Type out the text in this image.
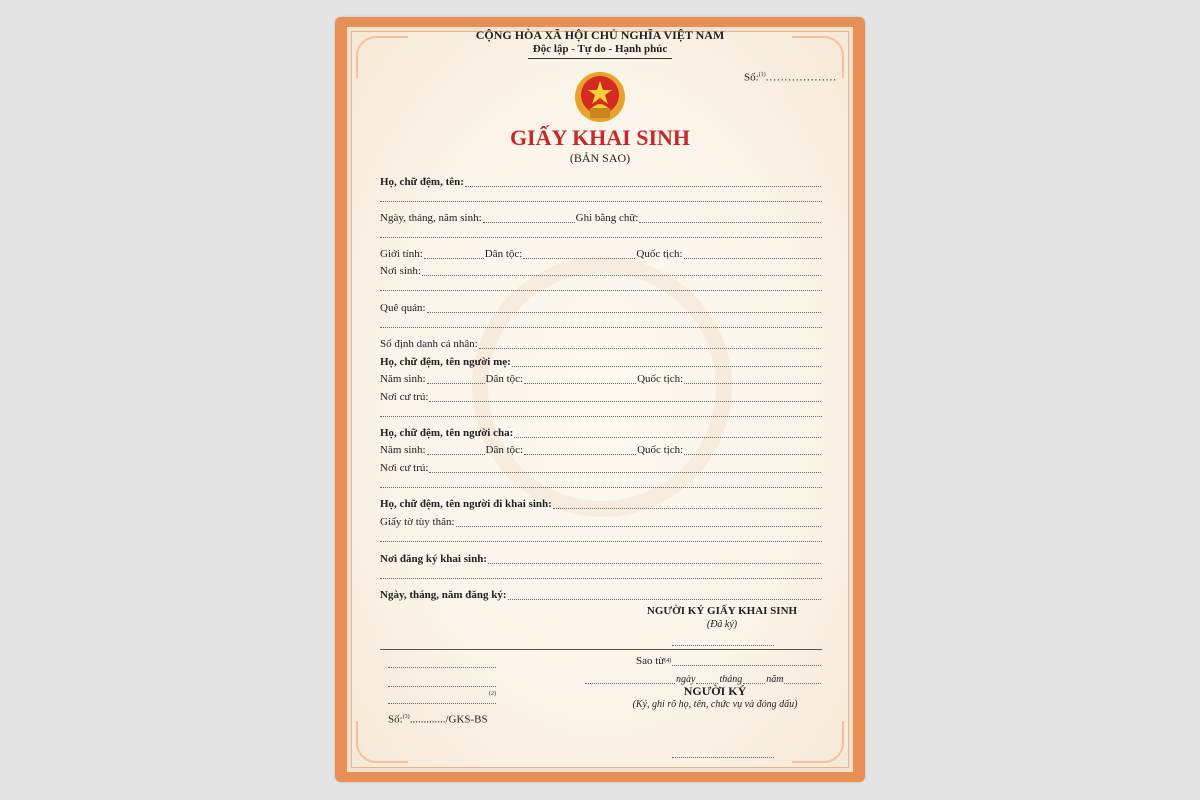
CỘNG HÒA XÃ HỘI CHỦ NGHĨA VIỆT NAM
Độc lập - Tự do - Hạnh phúc
Số:$^{(1)}$...................
GIẤY KHAI SINH
(BẢN SAO)
Họ, chữ đệm, tên:
Ngày, tháng, năm sinh:	Ghi bằng chữ:
Giới tính:	Dân tộc:	Quốc tịch:
Nơi sinh:
Quê quán:
Số định danh cá nhân:
Họ, chữ đệm, tên người mẹ:
Năm sinh:	Dân tộc:	Quốc tịch:
Nơi cư trú:
Họ, chữ đệm, tên người cha:
Năm sinh:	Dân tộc:	Quốc tịch:
Nơi cư trú:
Họ, chữ đệm, tên người đi khai sinh:
Giấy tờ tùy thân:
Nơi đăng ký khai sinh:
Ngày, tháng, năm đăng ký:
NGƯỜI KÝ GIẤY KHAI SINH
(Đã ký)
(2)
Số:$^{(3)}$............./GKS-BS
Sao từ (4)
ngày tháng năm
NGƯỜI KÝ
(Ký, ghi rõ họ, tên, chức vụ và đóng dấu)
